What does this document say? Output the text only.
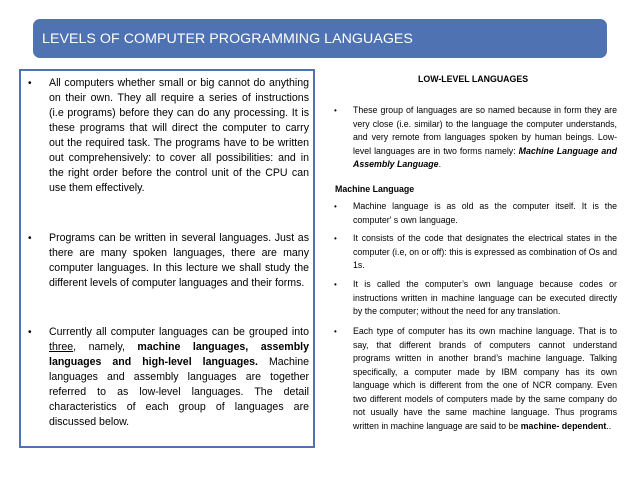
LEVELS OF COMPUTER PROGRAMMING LANGUAGES

• All computers whether small or big cannot do anything on their own. They all require a series of instructions (i.e programs) before they can do any processing. It is these programs that will direct the computer to carry out the required task. The programs have to be written out comprehensively: to cover all possibilities: and in the right order before the control unit of the CPU can use them effectively.

• Programs can be written in several languages. Just as there are many spoken languages, there are many computer languages. In this lecture we shall study the different levels of computer languages and their forms.

• Currently all computer languages can be grouped into three, namely, machine languages, assembly languages and high-level languages. Machine languages and assembly languages are together referred to as low-level languages. The detail characteristics of each group of languages are discussed below.

LOW-LEVEL LANGUAGES

• These group of languages are so named because in form they are very close (i.e. similar) to the language the computer understands, and very remote from languages spoken by human beings. Low-level languages are in two forms namely: Machine Language and Assembly Language.

Machine Language

• Machine language is as old as the computer itself. It is the computer' s own language.

• It consists of the code that designates the electrical states in the computer (i.e, on or off): this is expressed as combination of Os and 1s.

• It is called the computer’s own language because codes or instructions written in machine language can be executed directly by the computer; without the need for any translation.

• Each type of computer has its own machine language. That is to say, that different brands of computers cannot understand programs written in another brand’s machine language. Talking specifically, a computer made by IBM company has its own language which is different from the one of NCR company. Even two different models of computers made by the same company do not usually have the same machine language. Thus programs written in machine language are said to be machine- dependent..
